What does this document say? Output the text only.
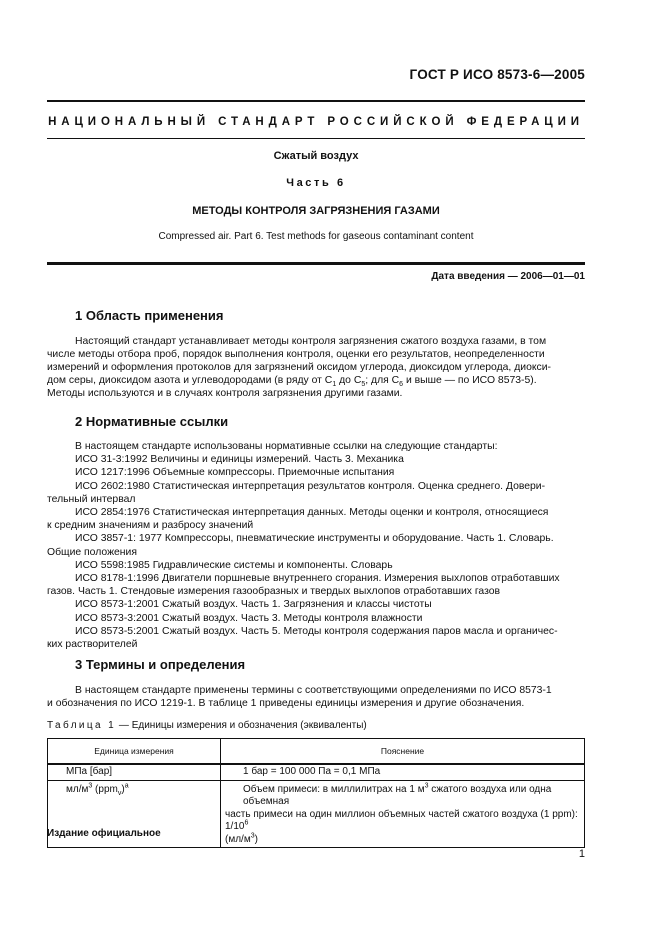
ГОСТ Р ИСО 8573-6—2005
НАЦИОНАЛЬНЫЙ СТАНДАРТ РОССИЙСКОЙ ФЕДЕРАЦИИ
Сжатый воздух
Часть 6
МЕТОДЫ КОНТРОЛЯ ЗАГРЯЗНЕНИЯ ГАЗАМИ
Compressed air. Part 6. Test methods for gaseous contaminant content
Дата введения — 2006—01—01
1 Область применения
Настоящий стандарт устанавливает методы контроля загрязнения сжатого воздуха газами, в том
числе методы отбора проб, порядок выполнения контроля, оценки его результатов, неопределенности
измерений и оформления протоколов для загрязнений оксидом углерода, диоксидом углерода, диокси-
дом серы, диоксидом азота и углеводородами (в ряду от $C_1$ до $C_5$; для $C_6$ и выше — по ИСО 8573-5).
Методы используются и в случаях контроля загрязнения другими газами.
2 Нормативные ссылки
В настоящем стандарте использованы нормативные ссылки на следующие стандарты:
ИСО 31-3:1992 Величины и единицы измерений. Часть 3. Механика
ИСО 1217:1996 Объемные компрессоры. Приемочные испытания
ИСО 2602:1980 Статистическая интерпретация результатов контроля. Оценка среднего. Довери-
тельный интервал
ИСО 2854:1976 Статистическая интерпретация данных. Методы оценки и контроля, относящиеся
к средним значениям и разбросу значений
ИСО 3857-1: 1977 Компрессоры, пневматические инструменты и оборудование. Часть 1. Словарь.
Общие положения
ИСО 5598:1985 Гидравлические системы и компоненты. Словарь
ИСО 8178-1:1996 Двигатели поршневые внутреннего сгорания. Измерения выхлопов отработавших
газов. Часть 1. Стендовые измерения газообразных и твердых выхлопов отработавших газов
ИСО 8573-1:2001 Сжатый воздух. Часть 1. Загрязнения и классы чистоты
ИСО 8573-3:2001 Сжатый воздух. Часть 3. Методы контроля влажности
ИСО 8573-5:2001 Сжатый воздух. Часть 5. Методы контроля содержания паров масла и органичес-
ких растворителей
3 Термины и определения
В настоящем стандарте применены термины с соответствующими определениями по ИСО 8573-1
и обозначения по ИСО 1219-1. В таблице 1 приведены единицы измерения и другие обозначения.
Таблица 1 — Единицы измерения и обозначения (эквиваленты)
Единица измерения	Пояснение
МПа [бар]	1 бар = 100 000 Па = 0,1 МПа
$мл/м^3$ $(ppm_v)^a$	Объем примеси: в миллилитрах на 1 $м^3$ сжатого воздуха или одна объемная
часть примеси на один миллион объемных частей сжатого воздуха (1 ppm): $1/10^6$
$(мл/м^3)$
Издание официальное
1
